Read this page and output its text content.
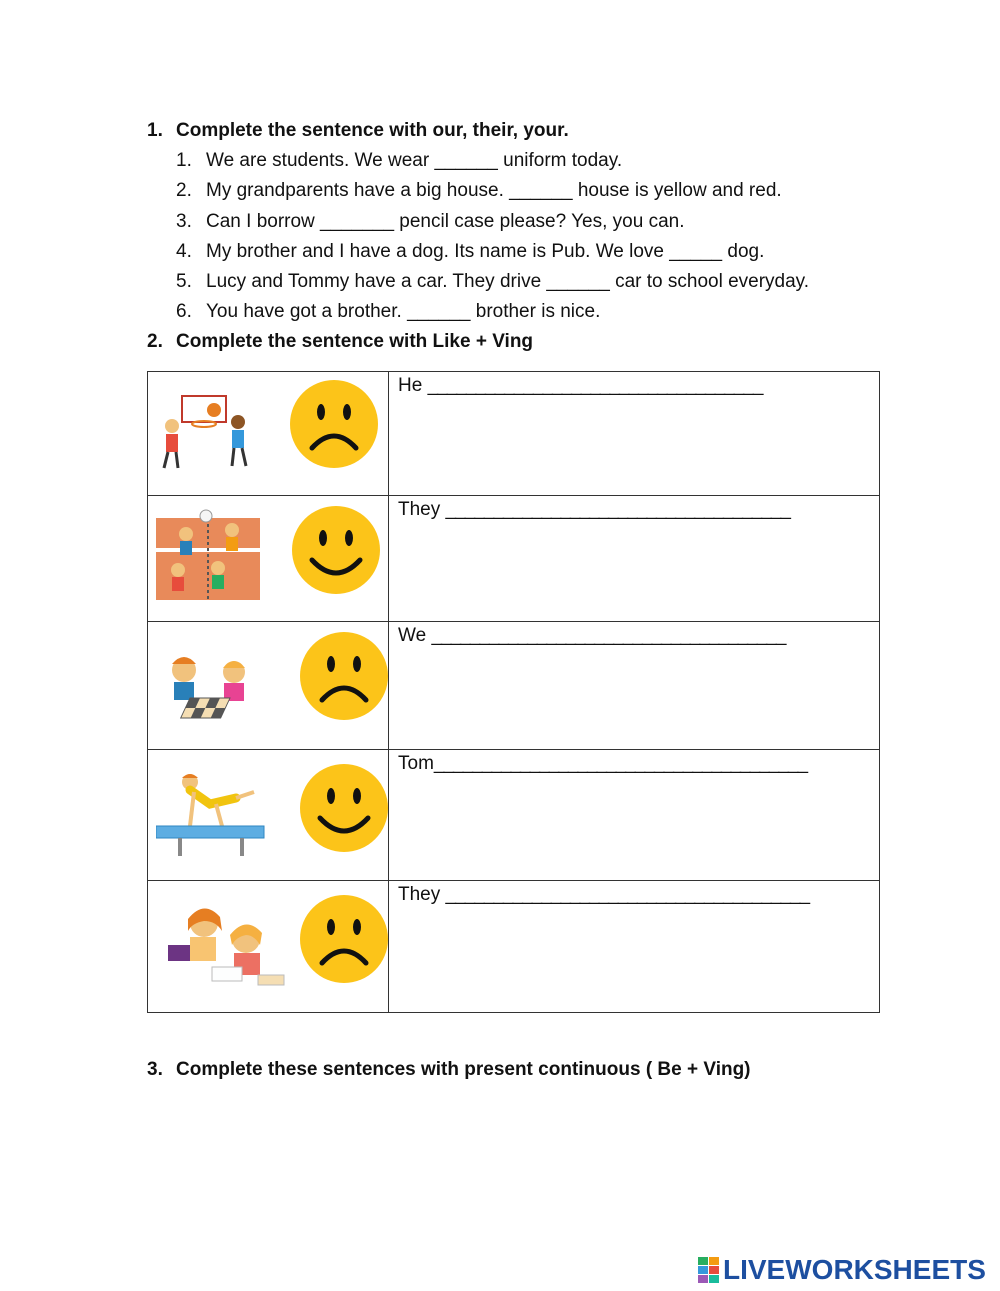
1. Complete the sentence with our, their, your.
1. We are students. We wear ______ uniform today.
2. My grandparents have a big house. ______ house is yellow and red.
3. Can I borrow _______ pencil case please? Yes, you can.
4. My brother and I have a dog. Its name is Pub. We love _____ dog.
5. Lucy and Tommy have a car. They drive ______ car to school everyday.
6. You have got a brother. ______ brother is nice.
2. Complete the sentence with Like + Ving
	He ___________________________________

	They ____________________________________

	We _____________________________________

	Tom_______________________________________

	They ______________________________________
3. Complete these sentences with present continuous ( Be + Ving)
LIVEWORKSHEETS
